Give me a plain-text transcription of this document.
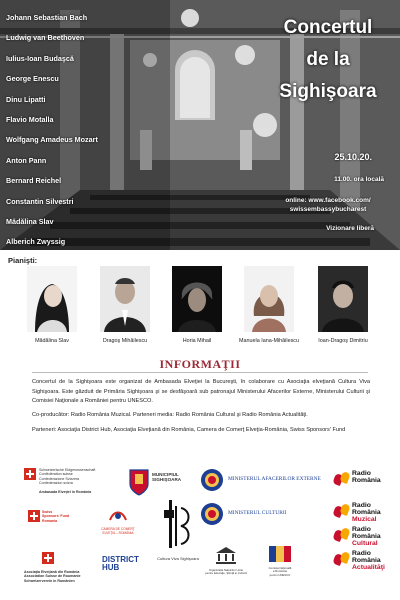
Johann Sebastian Bach
Ludwig van Beethoven
Iulius-Ioan Budaşcă
George Enescu
Dinu Lipatti
Flavio Motalla
Wolfgang Amadeus Mozart
Anton Pann
Bernard Reichel
Constantin Silvestri
Mădălina Slav
Alberich Zwyssig
Concertul
de la
Sighişoara
25.10.20.
11.00. ora locală
online: www.facebook.com/
swissembassybucharest
Vizionare liberă
Pianişti:
Mădălina Slav	Dragoş Mihăilescu	Horia Mihail	Manuela Iana-Mihăilescu	Ioan-Dragoş Dimitriu
INFORMAŢII

Concertul de la Sighişoara este organizat de Ambasada Elveţiei la Bucureşti, în colaborare cu Asociaţia elveţiană Cultura Viva Sighişoara. Este găzduit de Primăria Sighişoara şi se desfăşoară sub patronajul Ministerului Afacerilor Externe, Ministerului Culturii şi Comisiei Naţionale a României pentru UNESCO.

Co-producător: Radio România Muzical. Parteneri media: Radio România Cultural şi Radio România Actualităţi.

Parteneri: Asociaţia District Hub, Asociaţia Elveţiană din România, Camera de Comerţ Elveţia-România, Swiss Sponsors' Fund

Schweizerische Eidgenossenschaft
Confédération suisse
Confederazione Svizzera
Confederaziun svizra
Ambasada Elveţiei în România
MUNICIPIUL
SIGHIŞOARA	MINISTERUL AFACERILOR EXTERNE
Swiss
Sponsors' Fund
Romania
CAMERA DE COMERŢ
ELVEŢIA – ROMÂNIA
Cultura Viva Sighişoara
MINISTERUL CULTURII
Organizaţia Naţiunilor Unite
pentru Educaţie, Ştiinţă şi Cultură
Comisia Naţională
a României
pentru UNESCO
Asociaţia Elveţiană din România
Association Suisse de Roumanie
Schweizerverein in Rumänien
DISTRICT
HUB
Radio
România
Radio
România
Muzical
Radio
România
Cultural
Radio
România
Actualităţi
